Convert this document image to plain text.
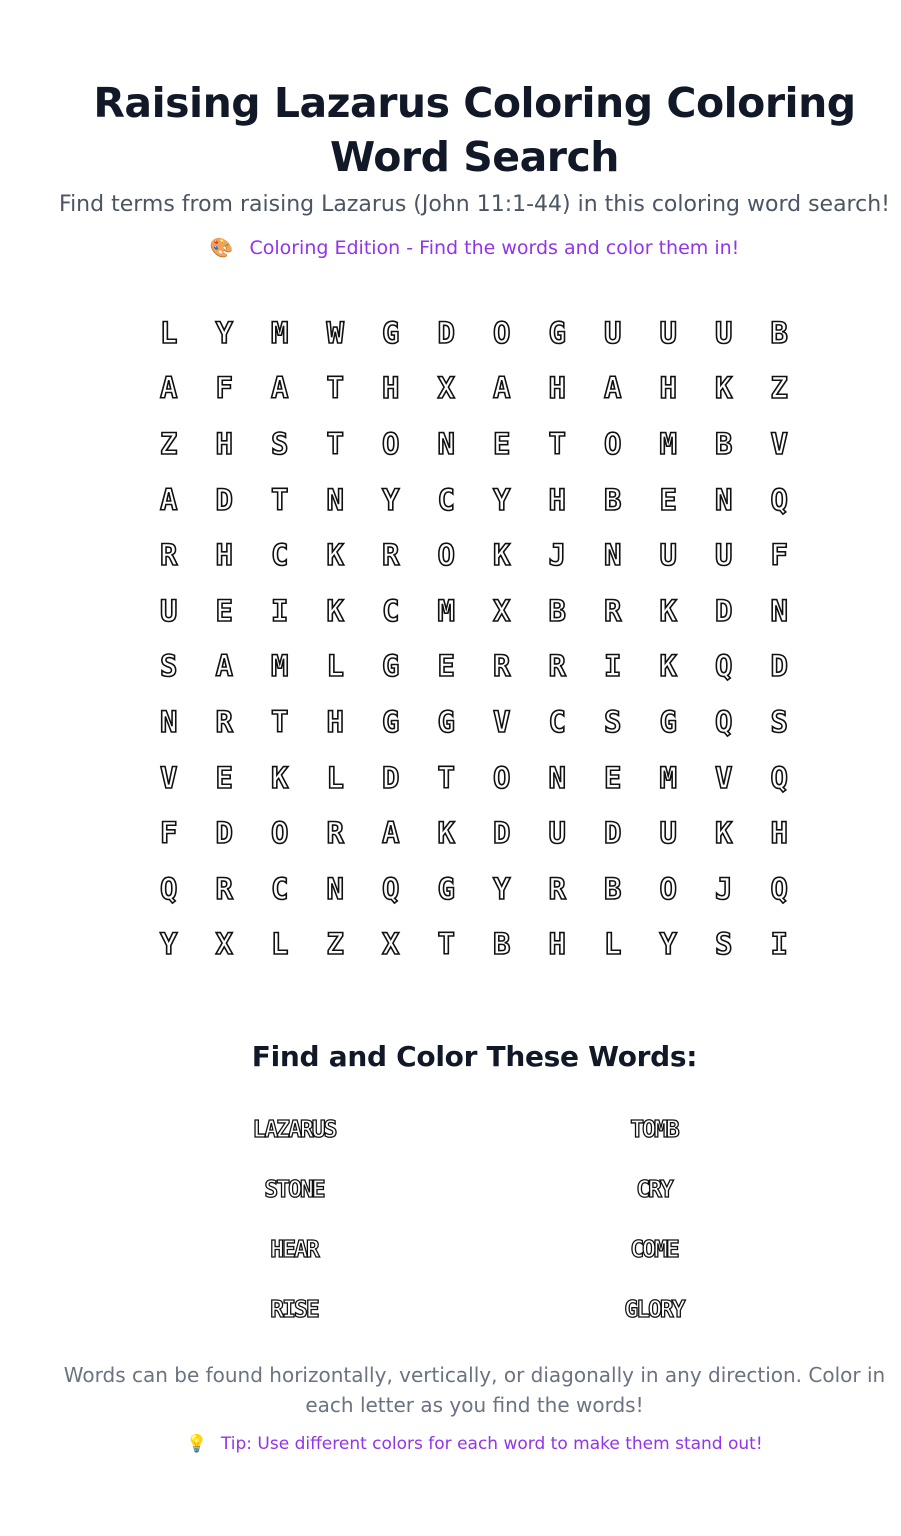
Raising Lazarus Coloring Coloring Word Search

Find terms from raising Lazarus (John 11:1-44) in this coloring word search!

🎨 Coloring Edition - Find the words and color them in!

L	Y	M	W	G	D	O	G	U	U	U	B
A	F	A	T	H	X	A	H	A	H	K	Z
Z	H	S	T	O	N	E	T	O	M	B	V
A	D	T	N	Y	C	Y	H	B	E	N	Q
R	H	C	K	R	O	K	J	N	U	U	F
U	E	I	K	C	M	X	B	R	K	D	N
S	A	M	L	G	E	R	R	I	K	Q	D
N	R	T	H	G	G	V	C	S	G	Q	S
V	E	K	L	D	T	O	N	E	M	V	Q
F	D	O	R	A	K	D	U	D	U	K	H
Q	R	C	N	Q	G	Y	R	B	O	J	Q
Y	X	L	Z	X	T	B	H	L	Y	S	I
Find and Color These Words:
LAZARUS	TOMB
STONE	CRY
HEAR	COME
RISE	GLORY

Words can be found horizontally, vertically, or diagonally in any direction. Color in each letter as you find the words!

💡 Tip: Use different colors for each word to make them stand out!
